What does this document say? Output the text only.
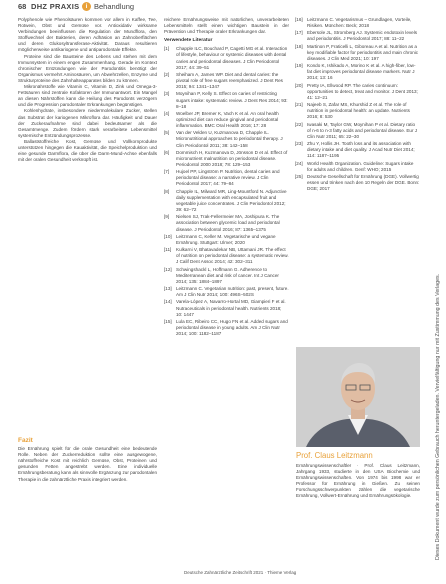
68 DHZ PRAXIS i Behandlung

Polyphenole wie Phenolsäuren kommen vor allem in Kaffee, Tee, Rotwein, Obst und Gemüse vor. Antioxidativ wirksame Verbindungen beeinflussen die Regulation der Mundflora, den Stoffwechsel der Bakterien, deren Adhäsion an Zahnoberflächen und deren Glukosyltransferase-Aktivität. Daraus resultieren möglicherweise antikariogene und antiparodontale Effekte.

Proteine sind die Bausteine des Lebens und stehen mit dem Immunsystem in einem engen Zusammenhang. Gerade im Kontext chronischer Entzündungen wie der Parodontitis benötigt der Organismus vermehrt Aminosäuren, um Abwehrzellen, Enzyme und Strukturproteine des Zahnhalteapparates bilden zu können.

Mikronährstoffe wie Vitamin C, Vitamin D, Zink und Omega-3-Fettsäuren sind zentrale Kofaktoren der Immunantwort. Ein Mangel an diesen Nährstoffen kann die Heilung des Parodonts verzögern und die Progression parodontaler Erkrankungen begünstigen.

Kohlenhydrate, insbesondere niedermolekulare Zucker, stellen das Substrat der kariogenen Mikroflora dar. Häufigkeit und Dauer der Zuckeraufnahme sind dabei bedeutsamer als die Gesamtmenge. Zudem fördern stark verarbeitete Lebensmittel systemische Entzündungsprozesse.

Ballaststoffreiche Kost, Gemüse und Vollkornprodukte unterstützen hingegen die Kauaktivität, die Speichelproduktion und eine gesunde Darmflora, die über die Darm-Mund-Achse ebenfalls mit der oralen Gesundheit verknüpft ist.

Fazit
Die Ernährung spielt für die orale Gesundheit eine bedeutende Rolle. Neben der Zuckerreduktion sollte eine ausgewogene, nährstoffreiche Kost mit reichlich Gemüse, Obst, Proteinen und gesunden Fetten angestrebt werden. Eine individuelle Ernährungsberatung kann als sinnvolle Ergänzung zur parodontalen Therapie in die zahnärztliche Praxis integriert werden.
reichere Ernährungsweise mit natürlichen, unverarbeiteten Lebensmitteln stellt einen wichtigen Baustein in der Prävention und Therapie oraler Erkrankungen dar.
Verwendete Literatur
[1]	Chapple ILC, Bouchard P, Cagetti MG et al. Interaction of lifestyle, behaviour or systemic diseases with dental caries and periodontal diseases. J Clin Periodontol 2017; 44: 39–51
[2]	Sheiham A, James WP. Diet and dental caries: the pivotal role of free sugars reemphasized. J Dent Res 2015; 94: 1341–1347
[3]	Moynihan P, Kelly S. Effect on caries of restricting sugars intake: systematic review. J Dent Res 2014; 93: 8–18
[4]	Woelber JP, Bremer K, Vach K et al. An oral health optimized diet can reduce gingival and periodontal inflammation. BMC Oral Health 2016; 17: 28
[5]	Van der Velden U, Kuzmanova D, Chapple IL. Micronutritional approaches to periodontal therapy. J Clin Periodontol 2011; 38: 142–158
[6]	Dommisch H, Kuzmanova D, Jönsson D et al. Effect of micronutrient malnutrition on periodontal disease. Periodontol 2000 2018; 78: 129–153
[7]	Hujoel PP, Lingström P. Nutrition, dental caries and periodontal disease: a narrative review. J Clin Periodontol 2017; 44: 79–84
[8]	Chapple IL, Milward MR, Ling-Mountford N. Adjunctive daily supplementation with encapsulated fruit and vegetable juice concentrates. J Clin Periodontol 2012; 39: 62–72
[9]	Nielsen SJ, Trak-Fellermeier MA, Joshipura K. The association between glycemic load and periodontal disease. J Periodontol 2016; 87: 1365–1375
[10] Leitzmann C, Keller M. Vegetarische und vegane Ernährung. Stuttgart: Ulmer; 2020
[11]	Kulkarni V, Bhatavadekar NB, Uttamani JR. The effect of nutrition on periodontal disease: a systematic review. J Calif Dent Assoc 2014; 42: 302–311
[12] Schwingshackl L, Hoffmann G. Adherence to Mediterranean diet and risk of cancer. Int J Cancer 2014; 135: 1884–1897
[13] Leitzmann C. Vegetarian nutrition: past, present, future. Am J Clin Nutr 2014; 100: 496S–502S
[14] Varela-López A, Navarro-Hortal MD, Giampieri F et al. Nutraceuticals in periodontal health. Nutrients 2018; 10: 1447
[15] Lula EC, Ribeiro CC, Hugo FN et al. Added sugars and periodontal disease in young adults. Am J Clin Nutr 2014; 100: 1182–1187
[16] Leitzmann C. Vegetarismus – Grundlagen, Vorteile, Risiken. München: Beck; 2018
[17] Ebersole JL, Stromberg AJ. Systemic endotoxin levels and periodontitis. J Periodontol 2017; 88: 11–22
[18] Martinon P, Fraticelli L, Giboreau A et al. Nutrition as a key modifiable factor for periodontitis and main chronic diseases. J Clin Med 2021; 10: 197
[19] Kondo K, Ishikado A, Morino K et al. A high-fiber, low-fat diet improves periodontal disease markers. Nutr J 2014; 13: 16
[20] Pretty IA, Ellwood RP. The caries continuum: opportunities to detect, treat and monitor. J Dent 2013; 41: 12–21
[21] Najeeb S, Zafar MS, Khurshid Z et al. The role of nutrition in periodontal health: an update. Nutrients 2016; 8: 530
[22] Iwasaki M, Taylor GW, Moynihan P et al. Dietary ratio of n-6 to n-3 fatty acids and periodontal disease. Eur J Clin Nutr 2011; 65: 22–30
[23] Zhu Y, Hollis JH. Tooth loss and its association with dietary intake and diet quality. J Acad Nutr Diet 2014; 114: 1187–1195
[24] World Health Organization. Guideline: Sugars intake for adults and children. Genf: WHO; 2015
[25] Deutsche Gesellschaft für Ernährung (DGE). Vollwertig essen und trinken nach den 10 Regeln der DGE. Bonn: DGE; 2017
Prof. Claus Leitzmann
Ernährungswissenschaftler · Prof. Claus Leitzmann, Jahrgang 1933, studierte in den USA Biochemie und Ernährungswissenschaften. Von 1974 bis 1998 war er Professor für Ernährung in Gießen. Zu seinen Forschungsschwerpunkten zählen die vegetarische Ernährung, Vollwert-Ernährung und Ernährungsökologie.	Dieses Dokument wurde zum persönlichen Gebrauch heruntergeladen. Vervielfältigung nur mit Zustimmung des Verlages.
Deutsche Zahnärztliche Zeitschrift 2021 · Thieme Verlag
